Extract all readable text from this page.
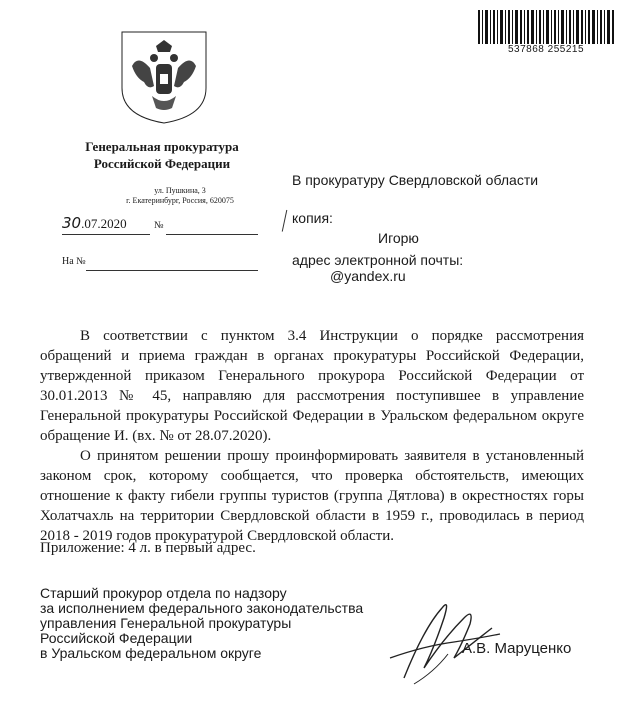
Генеральная прокуратура
Российской Федерации
ул. Пушкина, 3
г. Екатеринбург, Россия, 620075
30.07.2020	№
На №
537868 255215
В прокуратуру Свердловской области
копия:
Игорю
адрес электронной почты:
@yandex.ru

В соответствии с пунктом 3.4 Инструкции о порядке рассмотрения обращений и приема граждан в органах прокуратуры Российской Федерации, утвержденной приказом Генерального прокурора Российской Федерации от 30.01.2013 № 45, направляю для рассмотрения поступившее в управление Генеральной прокуратуры Российской Федерации в Уральском федеральном округе обращение И. (вх. № от 28.07.2020).

О принятом решении прошу проинформировать заявителя в установленный законом срок, которому сообщается, что проверка обстоятельств, имеющих отношение к факту гибели группы туристов (группа Дятлова) в окрестностях горы Холатчахль на территории Свердловской области в 1959 г., проводилась в период 2018 - 2019 годов прокуратурой Свердловской области.

Приложение: 4 л. в первый адрес.
Старший прокурор отдела по надзору
за исполнением федерального законодательства
управления Генеральной прокуратуры
Российской Федерации
в Уральском федеральном округе	А.В. Маруценко
